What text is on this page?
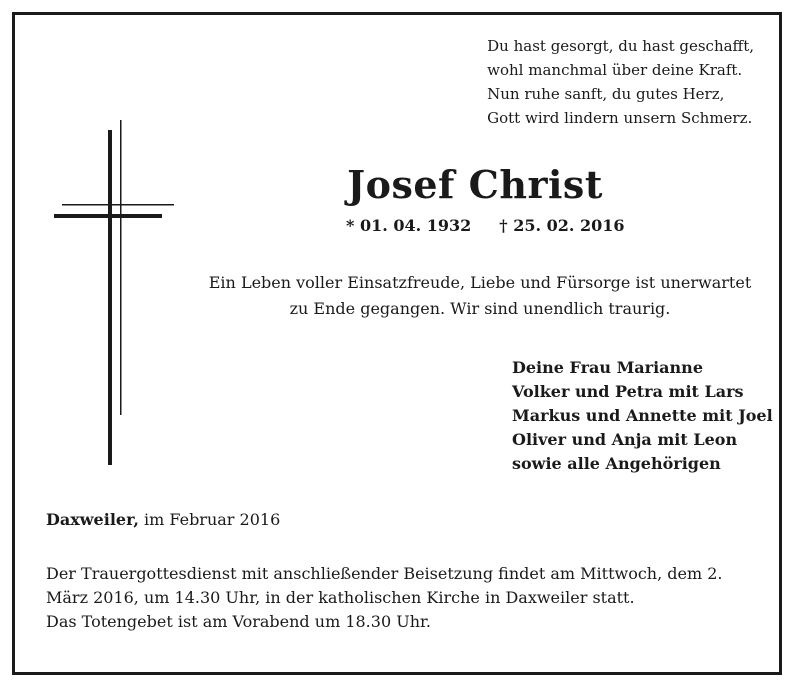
Du hast gesorgt, du hast geschafft,
wohl manchmal über deine Kraft.
Nun ruhe sanft, du gutes Herz,
Gott wird lindern unsern Schmerz.
Josef Christ
* 01. 04. 1932 † 25. 02. 2016
Ein Leben voller Einsatzfreude, Liebe und Fürsorge ist unerwartet zu Ende gegangen. Wir sind unendlich traurig.
Deine Frau Marianne
Volker und Petra mit Lars
Markus und Annette mit Joel
Oliver und Anja mit Leon
sowie alle Angehörigen
Daxweiler, im Februar 2016
Der Trauergottesdienst mit anschließender Beisetzung findet am Mittwoch, dem 2. März 2016, um 14.30 Uhr, in der katholischen Kirche in Daxweiler statt.
Das Totengebet ist am Vorabend um 18.30 Uhr.
